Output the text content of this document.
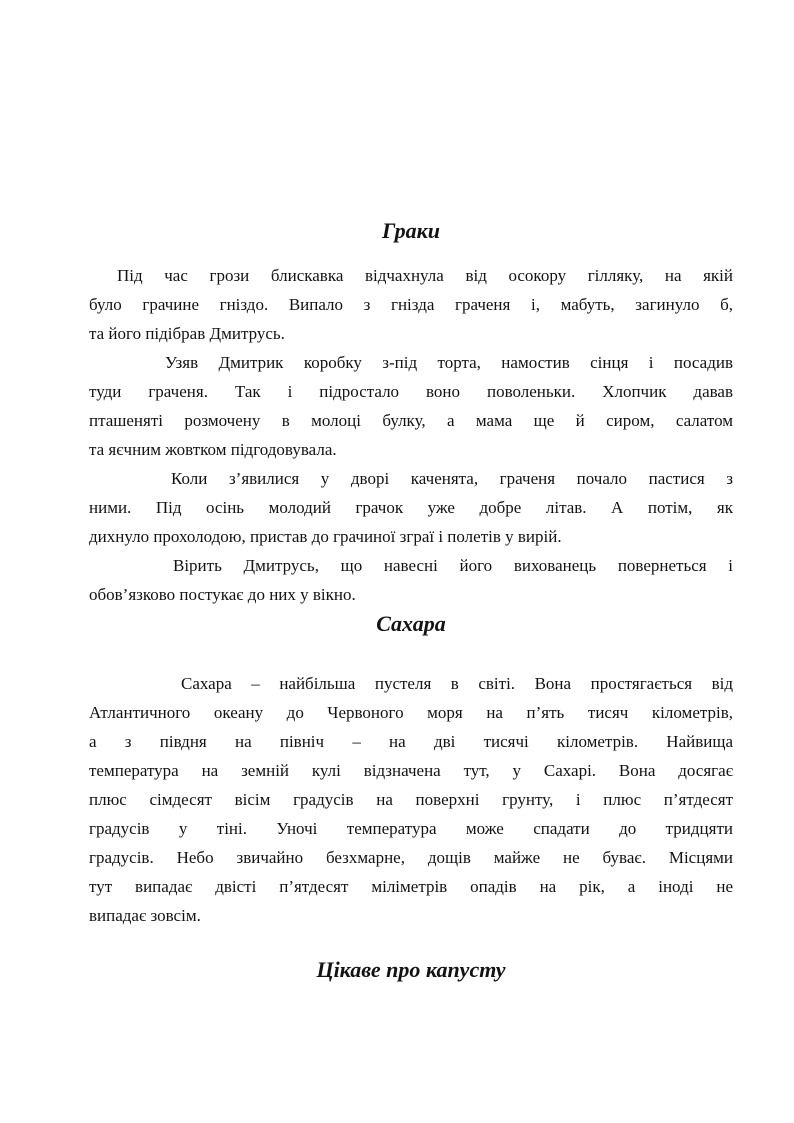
Граки
Під час грози блискавка відчахнула від осокору гілляку, на якій
було грачине гніздо. Випало з гнізда граченя і, мабуть, загинуло б,
та його підібрав Дмитрусь.
Узяв Дмитрик коробку з-під торта, намостив сінця і посадив
туди граченя. Так і підростало воно поволеньки. Хлопчик давав
пташеняті розмочену в молоці булку, а мама ще й сиром, салатом
та яєчним жовтком підгодовувала.
Коли з’явилися у дворі каченята, граченя почало пастися з
ними. Під осінь молодий грачок уже добре літав. А потім, як
дихнуло прохолодою, пристав до грачиної зграї і полетів у вирій.
Вірить Дмитрусь, що навесні його вихованець повернеться і
обов’язково постукає до них у вікно.
Сахара
Сахара – найбільша пустеля в світі. Вона простягається від
Атлантичного океану до Червоного моря на п’ять тисяч кілометрів,
а з півдня на північ – на дві тисячі кілометрів. Найвища
температура на земній кулі відзначена тут, у Сахарі. Вона досягає
плюс сімдесят вісім градусів на поверхні грунту, і плюс п’ятдесят
градусів у тіні. Уночі температура може спадати до тридцяти
градусів. Небо звичайно безхмарне, дощів майже не буває. Місцями
тут випадає двісті п’ятдесят міліметрів опадів на рік, а іноді не
випадає зовсім.
Цікаве про капусту
